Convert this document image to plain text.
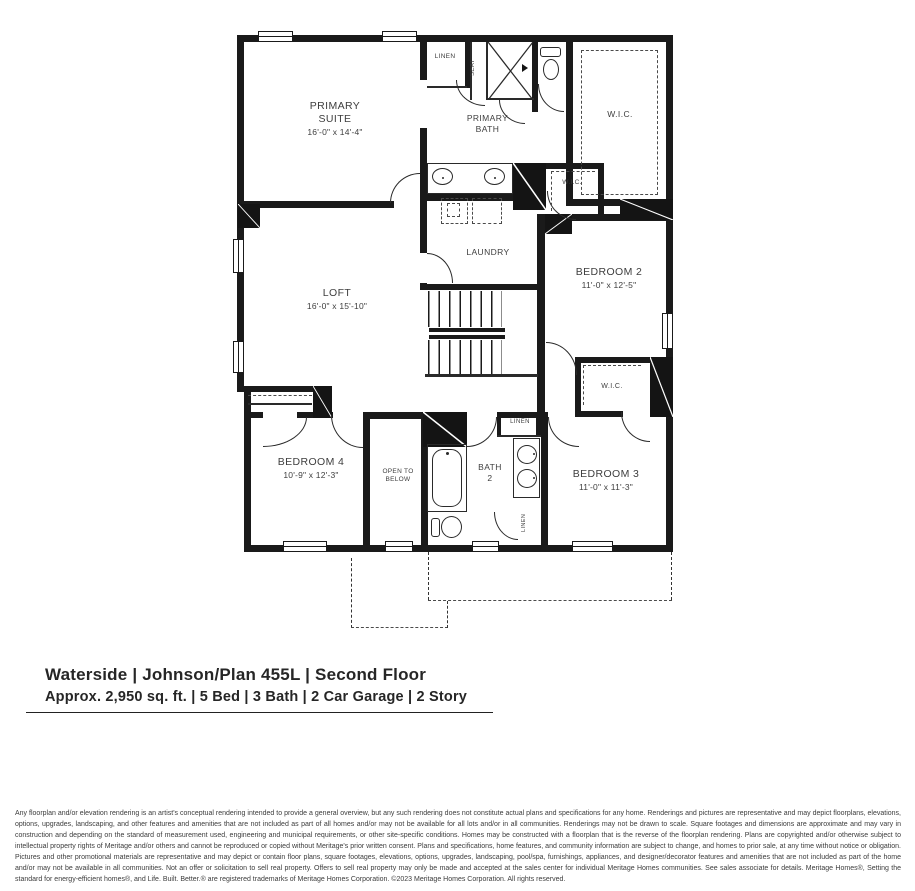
PRIMARY SUITE
16'-0" x 14'-4"
PRIMARY BATH
LINEN
SEAT
W.I.C.
W.I.C.
LAUNDRY
LOFT
16'-0" x 15'-10"
BEDROOM 2
11'-0" x 12'-5"
W.I.C.
BEDROOM 4
10'-9" x 12'-3"	OPEN TO BELOW
BATH 2
LINEN
LINEN
BEDROOM 3
11'-0" x 11'-3"
Waterside | Johnson/Plan 455L | Second Floor
Approx. 2,950 sq. ft. | 5 Bed | 3 Bath | 2 Car Garage | 2 Story
Any floorplan and/or elevation rendering is an artist's conceptual rendering intended to provide a general overview, but any such rendering does not constitute actual plans and specifications for any home. Renderings and pictures are representative and may depict floorplans, elevations, options, upgrades, landscaping, and other features and amenities that are not included as part of all homes and/or may not be available for all lots and/or in all communities. Renderings may not be drawn to scale. Square footages and dimensions are approximate and may vary in construction and depending on the standard of measurement used, engineering and municipal requirements, or other site-specific conditions. Homes may be constructed with a floorplan that is the reverse of the floorplan rendering. Plans are copyrighted and/or otherwise subject to intellectual property rights of Meritage and/or others and cannot be reproduced or copied without Meritage's prior written consent. Plans and specifications, home features, and community information are subject to change, and homes to prior sale, at any time without notice or obligation. Pictures and other promotional materials are representative and may depict or contain floor plans, square footages, elevations, options, upgrades, landscaping, pool/spa, furnishings, appliances, and designer/decorator features and amenities that are not included as part of the home and/or may not be available in all communities. Not an offer or solicitation to sell real property. Offers to sell real property may only be made and accepted at the sales center for individual Meritage Homes communities. See sales associate for details. Meritage Homes®, Setting the standard for energy-efficient homes®, and Life. Built. Better.® are registered trademarks of Meritage Homes Corporation. ©2023 Meritage Homes Corporation. All rights reserved.
